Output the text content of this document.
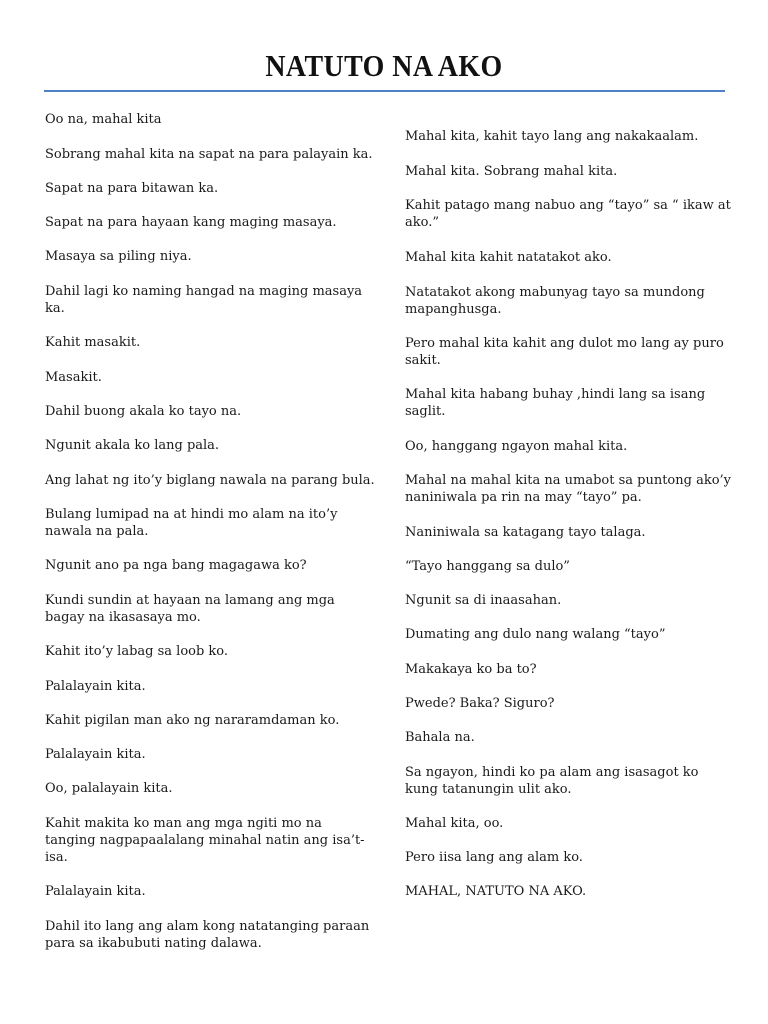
NATUTO NA AKO
Oo na, mahal kita
Sobrang mahal kita na sapat na para palayain ka.
Sapat na para bitawan ka.
Sapat na para hayaan kang maging masaya.
Masaya sa piling niya.
Dahil lagi ko naming hangad na maging masaya ka.
Kahit masakit.
Masakit.
Dahil buong akala ko tayo na.
Ngunit akala ko lang pala.
Ang lahat ng ito’y biglang nawala na parang bula.
Bulang lumipad na at hindi mo alam na ito’y nawala na pala.
Ngunit ano pa nga bang magagawa ko?
Kundi sundin at hayaan na lamang ang mga bagay na ikasasaya mo.
Kahit ito’y labag sa loob ko.
Palalayain kita.
Kahit pigilan man ako ng nararamdaman ko.
Palalayain kita.
Oo, palalayain kita.
Kahit makita ko man ang mga ngiti mo na tanging nagpapaalalang minahal natin ang isa’t-isa.
Palalayain kita.
Dahil ito lang ang alam kong natatanging paraan para sa ikabubuti nating dalawa.
Mahal kita, kahit tayo lang ang nakakaalam.
Mahal kita. Sobrang mahal kita.
Kahit patago mang nabuo ang “tayo” sa “ ikaw at ako.”
Mahal kita kahit natatakot ako.
Natatakot akong mabunyag tayo sa mundong mapanghusga.
Pero mahal kita kahit ang dulot mo lang ay puro sakit.
Mahal kita habang buhay ,hindi lang sa isang saglit.
Oo, hanggang ngayon mahal kita.
Mahal na mahal kita na umabot sa puntong ako’y naniniwala pa rin na may “tayo” pa.
Naniniwala sa katagang tayo talaga.
“Tayo hanggang sa dulo”
Ngunit sa di inaasahan.
Dumating ang dulo nang walang “tayo”
Makakaya ko ba to?
Pwede? Baka? Siguro?
Bahala na.
Sa ngayon, hindi ko pa alam ang isasagot ko kung tatanungin ulit ako.
Mahal kita, oo.
Pero iisa lang ang alam ko.
MAHAL, NATUTO NA AKO.
